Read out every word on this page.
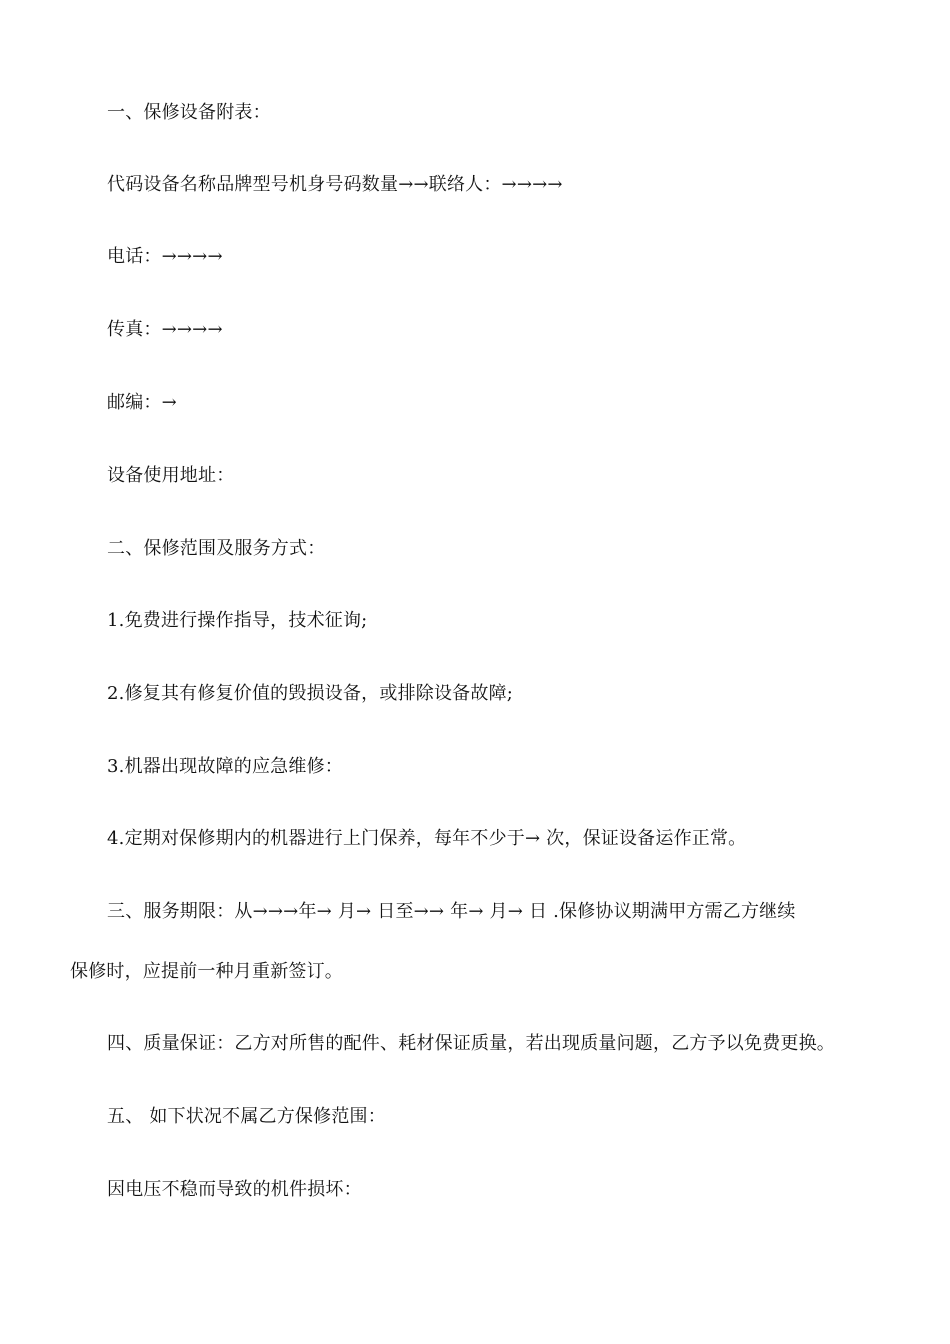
一、保修设备附表：
代码设备名称品牌型号机身号码数量→→联络人：→→→→
电话：→→→→
传真：→→→→
邮编：→
设备使用地址：
二、保修范围及服务方式：
1.免费进行操作指导，技术征询;
2.修复其有修复价值的毁损设备，或排除设备故障;
3.机器出现故障的应急维修：
4.定期对保修期内的机器进行上门保养，每年不少于→ 次，保证设备运作正常。
三、服务期限：从→→→年→ 月→ 日至→→ 年→ 月→ 日 .保修协议期满甲方需乙方继续
保修时，应提前一种月重新签订。
四、质量保证：乙方对所售的配件、耗材保证质量，若出现质量问题，乙方予以免费更换。
五、 如下状况不属乙方保修范围：
因电压不稳而导致的机件损坏：
